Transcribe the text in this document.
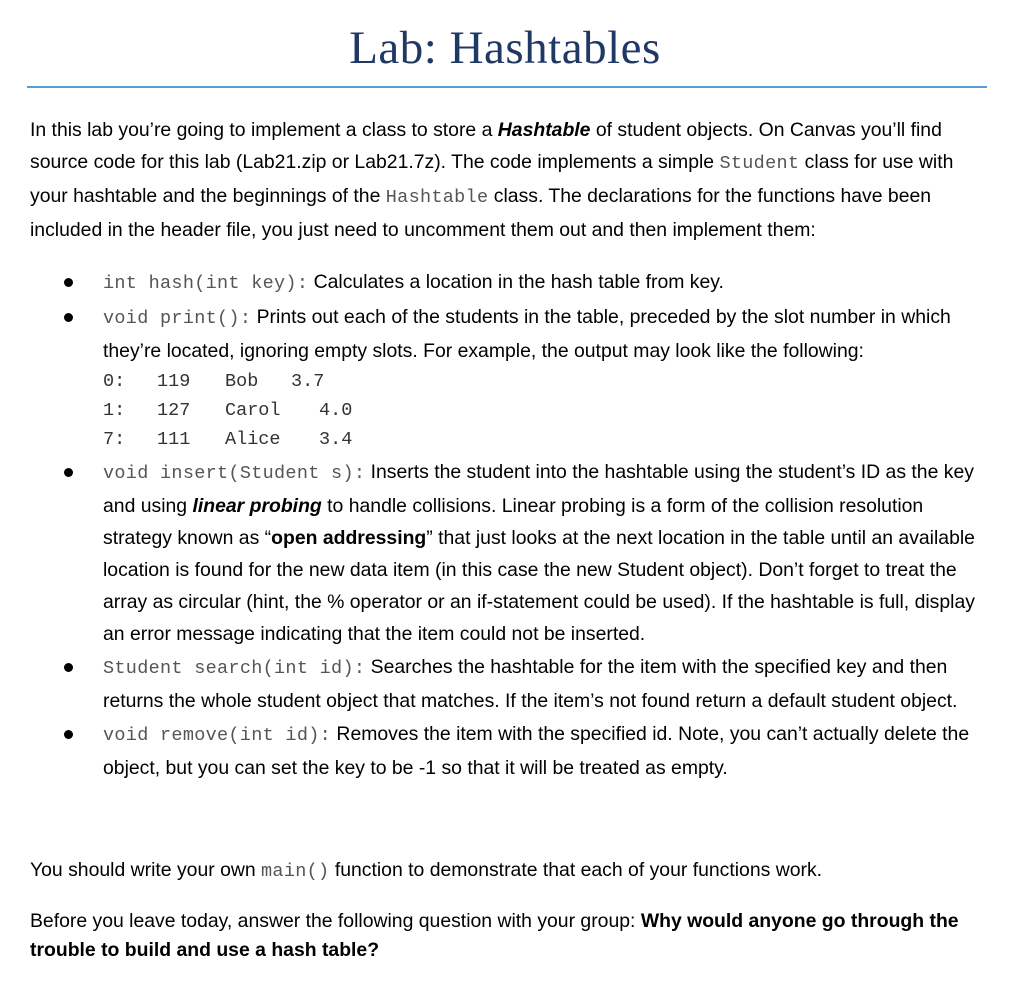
Lab: Hashtables

In this lab you’re going to implement a class to store a Hashtable of student objects. On Canvas you’ll find source code for this lab (Lab21.zip or Lab21.7z). The code implements a simple Student class for use with your hashtable and the beginnings of the Hashtable class. The declarations for the functions have been included in the header file, you just need to uncomment them out and then implement them:

int hash(int key): Calculates a location in the hash table from key.
void print(): Prints out each of the students in the table, preceded by the slot number in which they’re located, ignoring empty slots. For example, the output may look like the following:
0:	119	Bob	3.7
1:	127	Carol	4.0
7:	111	Alice	3.4
void insert(Student s): Inserts the student into the hashtable using the student’s ID as the key and using linear probing to handle collisions. Linear probing is a form of the collision resolution strategy known as “open addressing” that just looks at the next location in the table until an available location is found for the new data item (in this case the new Student object). Don’t forget to treat the array as circular (hint, the % operator or an if-statement could be used). If the hashtable is full, display an error message indicating that the item could not be inserted.
Student search(int id): Searches the hashtable for the item with the specified key and then returns the whole student object that matches. If the item’s not found return a default student object.
void remove(int id): Removes the item with the specified id. Note, you can’t actually delete the object, but you can set the key to be -1 so that it will be treated as empty.

You should write your own main() function to demonstrate that each of your functions work.

Before you leave today, answer the following question with your group: Why would anyone go through the trouble to build and use a hash table?
